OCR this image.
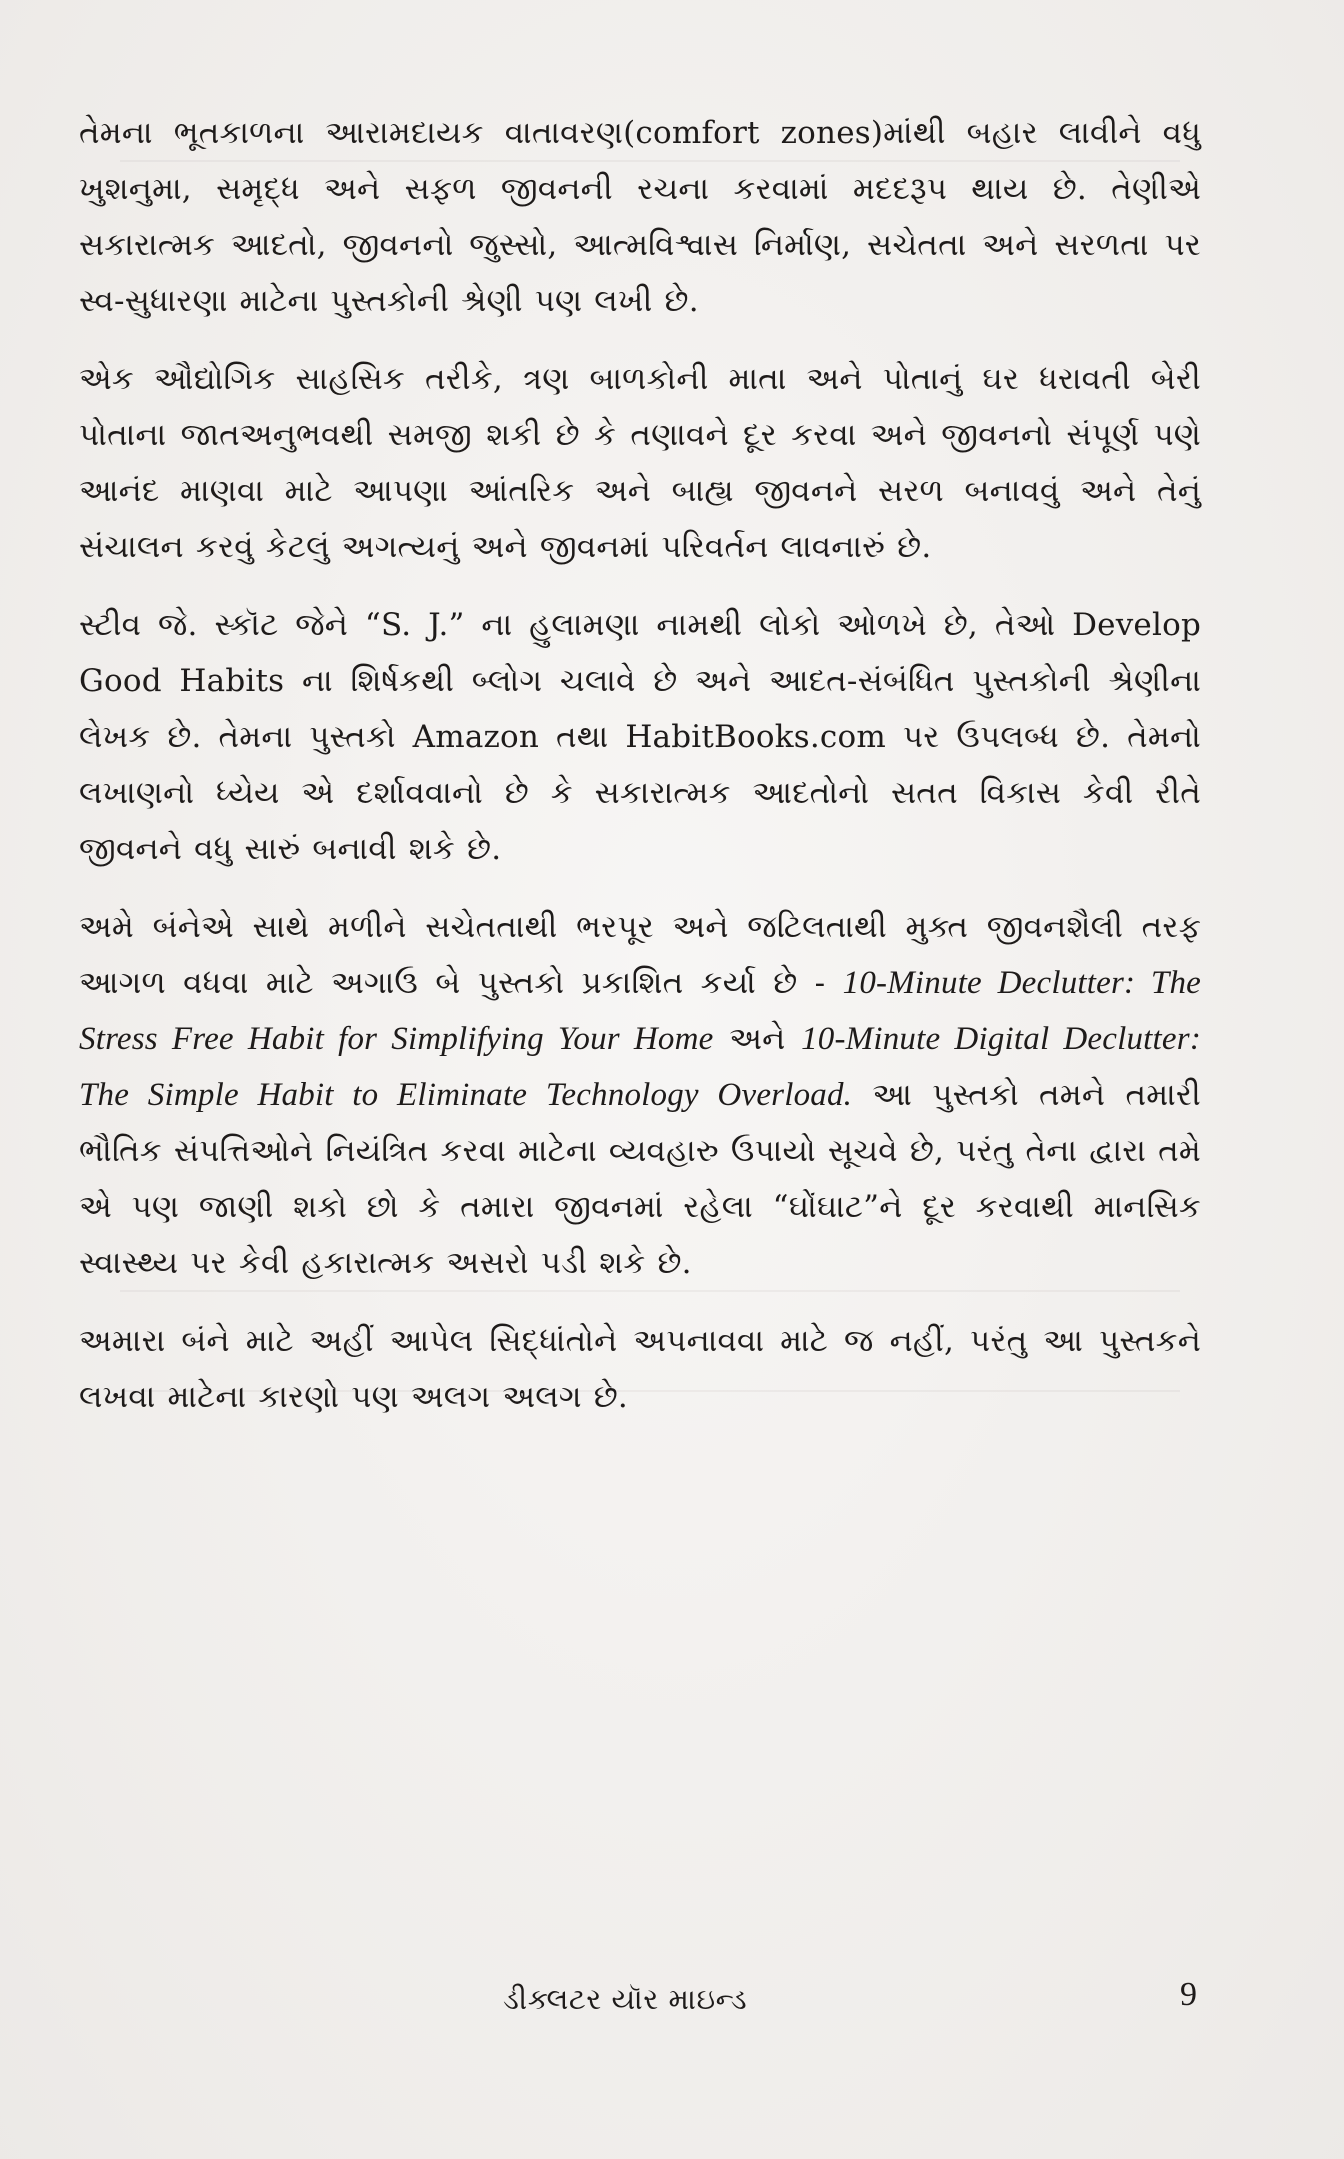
તેમના ભૂતકાળના આરામદાયક વાતાવરણ(comfort zones)માંથી બહાર લાવીને વધુ ખુશનુમા, સમૃદ્ધ અને સફળ જીવનની રચના કરવામાં મદદરૂપ થાય છે. તેણીએ સકારાત્મક આદતો, જીવનનો જુસ્સો, આત્મવિશ્વાસ નિર્માણ, સચેતતા અને સરળતા પર સ્વ-સુધારણા માટેના પુસ્તકોની શ્રેણી પણ લખી છે.

એક ઔદ્યોગિક સાહસિક તરીકે, ત્રણ બાળકોની માતા અને પોતાનું ઘર ધરાવતી બેરી પોતાના જાતઅનુભવથી સમજી શકી છે કે તણાવને દૂર કરવા અને જીવનનો સંપૂર્ણ પણે આનંદ માણવા માટે આપણા આંતરિક અને બાહ્ય જીવનને સરળ બનાવવું અને તેનું સંચાલન કરવું કેટલું અગત્યનું અને જીવનમાં પરિવર્તન લાવનારું છે.

સ્ટીવ જે. સ્કૉટ જેને “S. J.” ના હુલામણા નામથી લોકો ઓળખે છે, તેઓ Develop Good Habits ના શિર્ષકથી બ્લોગ ચલાવે છે અને આદત-સંબંધિત પુસ્તકોની શ્રેણીના લેખક છે. તેમના પુસ્તકો Amazon તથા HabitBooks.com પર ઉપલબ્ધ છે. તેમનો લખાણનો ધ્યેય એ દર્શાવવાનો છે કે સકારાત્મક આદતોનો સતત વિકાસ કેવી રીતે જીવનને વધુ સારું બનાવી શકે છે.

અમે બંનેએ સાથે મળીને સચેતતાથી ભરપૂર અને જટિલતાથી મુક્ત જીવનશૈલી તરફ આગળ વધવા માટે અગાઉ બે પુસ્તકો પ્રકાશિત કર્યા છે - 10-Minute Declutter: The Stress Free Habit for Simplifying Your Home અને 10-Minute Digital Declutter: The Simple Habit to Eliminate Technology Overload. આ પુસ્તકો તમને તમારી ભૌતિક સંપત્તિઓને નિયંત્રિત કરવા માટેના વ્યવહારુ ઉપાયો સૂચવે છે, પરંતુ તેના દ્વારા તમે એ પણ જાણી શકો છો કે તમારા જીવનમાં રહેલા “ઘોંઘાટ”ને દૂર કરવાથી માનસિક સ્વાસ્થ્ય પર કેવી હકારાત્મક અસરો પડી શકે છે.

અમારા બંને માટે અહીં આપેલ સિદ્ધાંતોને અપનાવવા માટે જ નહીં, પરંતુ આ પુસ્તકને લખવા માટેના કારણો પણ અલગ અલગ છે.

ડીક્લટર યૉર માઇન્ડ	9
